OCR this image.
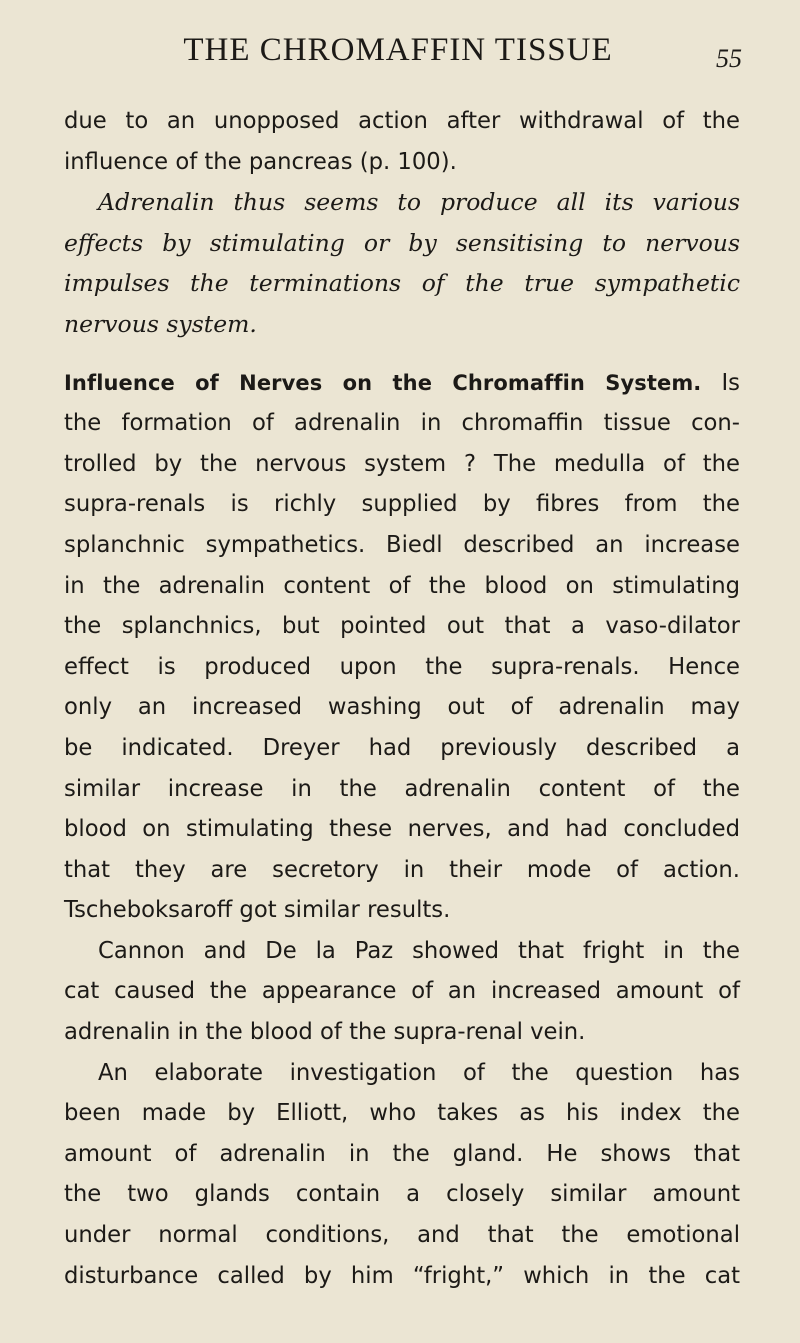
THE CHROMAFFIN TISSUE	55
due to an unopposed action after withdrawal of the
influence of the pancreas (p. 100).
Adrenalin thus seems to produce all its various
effects by stimulating or by sensitising to nervous
impulses the terminations of the true sympathetic
nervous system.
Influence of Nerves on the Chromaffin System. Is
the formation of adrenalin in chromaffin tissue con-
trolled by the nervous system ? The medulla of the
supra-renals is richly supplied by fibres from the
splanchnic sympathetics. Biedl described an increase
in the adrenalin content of the blood on stimulating
the splanchnics, but pointed out that a vaso-dilator
effect is produced upon the supra-renals. Hence
only an increased washing out of adrenalin may
be indicated. Dreyer had previously described a
similar increase in the adrenalin content of the
blood on stimulating these nerves, and had concluded
that they are secretory in their mode of action.
Tscheboksaroff got similar results.
Cannon and De la Paz showed that fright in the
cat caused the appearance of an increased amount of
adrenalin in the blood of the supra-renal vein.
An elaborate investigation of the question has
been made by Elliott, who takes as his index the
amount of adrenalin in the gland. He shows that
the two glands contain a closely similar amount
under normal conditions, and that the emotional
disturbance called by him “fright,” which in the cat
